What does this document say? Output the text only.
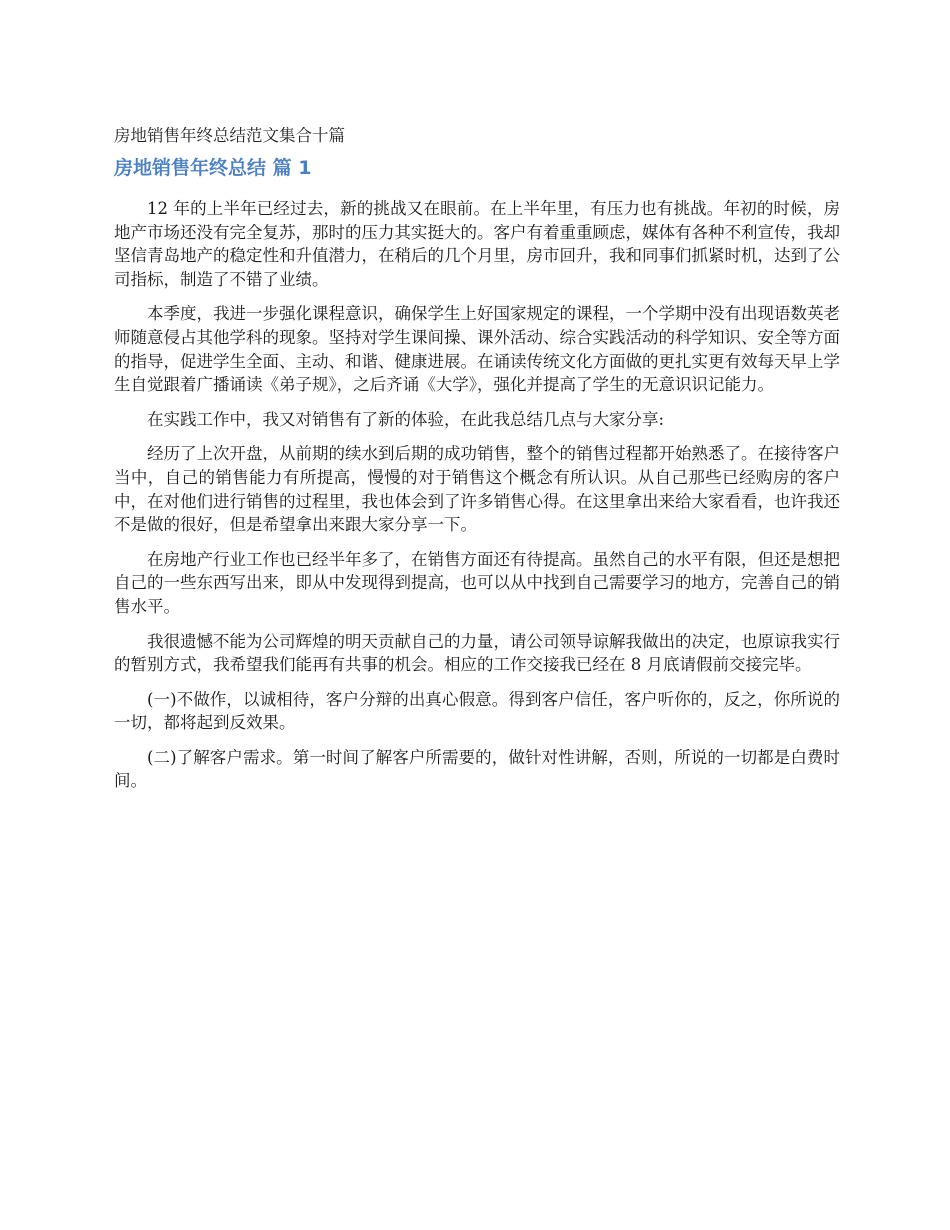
房地销售年终总结范文集合十篇
房地销售年终总结 篇 1

12 年的上半年已经过去，新的挑战又在眼前。在上半年里，有压力也有挑战。年初的时候，房地产市场还没有完全复苏，那时的压力其实挺大的。客户有着重重顾虑，媒体有各种不利宣传，我却坚信青岛地产的稳定性和升值潜力，在稍后的几个月里，房市回升，我和同事们抓紧时机，达到了公司指标，制造了不错了业绩。

本季度，我进一步强化课程意识，确保学生上好国家规定的课程，一个学期中没有出现语数英老师随意侵占其他学科的现象。坚持对学生课间操、课外活动、综合实践活动的科学知识、安全等方面的指导，促进学生全面、主动、和谐、健康进展。在诵读传统文化方面做的更扎实更有效每天早上学生自觉跟着广播诵读《弟子规》，之后齐诵《大学》，强化并提高了学生的无意识识记能力。

在实践工作中，我又对销售有了新的体验，在此我总结几点与大家分享:

经历了上次开盘，从前期的续水到后期的成功销售，整个的销售过程都开始熟悉了。在接待客户当中，自己的销售能力有所提高，慢慢的对于销售这个概念有所认识。从自己那些已经购房的客户中，在对他们进行销售的过程里，我也体会到了许多销售心得。在这里拿出来给大家看看，也许我还不是做的很好，但是希望拿出来跟大家分享一下。

在房地产行业工作也已经半年多了，在销售方面还有待提高。虽然自己的水平有限，但还是想把自己的一些东西写出来，即从中发现得到提高，也可以从中找到自己需要学习的地方，完善自己的销售水平。

我很遗憾不能为公司辉煌的明天贡献自己的力量，请公司领导谅解我做出的决定，也原谅我实行的暂别方式，我希望我们能再有共事的机会。相应的工作交接我已经在 8 月底请假前交接完毕。

(一)不做作，以诚相待，客户分辩的出真心假意。得到客户信任，客户听你的，反之，你所说的一切，都将起到反效果。

(二)了解客户需求。第一时间了解客户所需要的，做针对性讲解，否则，所说的一切都是白费时间。
